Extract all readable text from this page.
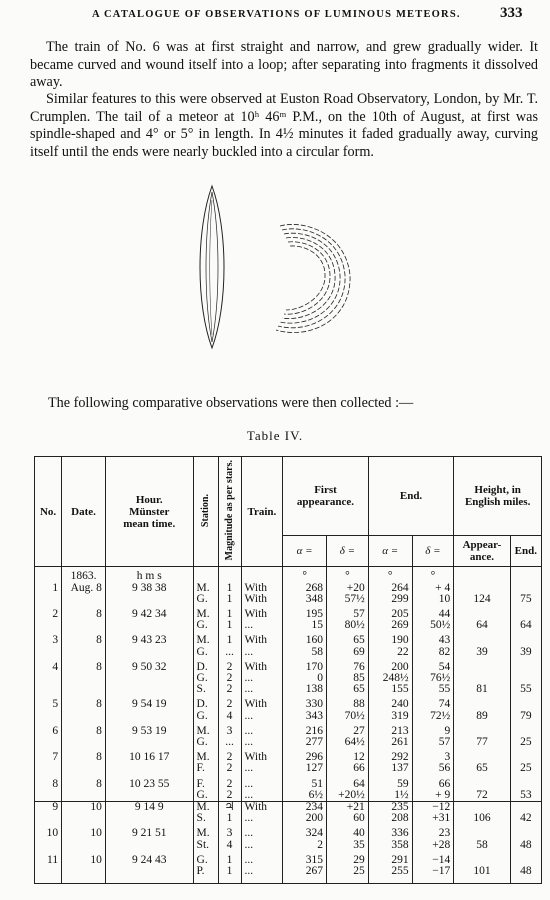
A CATALOGUE OF OBSERVATIONS OF LUMINOUS METEORS.	333

The train of No. 6 was at first straight and narrow, and grew gradually wider. It became curved and wound itself into a loop; after separating into fragments it dissolved away.

Similar features to this were observed at Euston Road Observatory, London, by Mr. T. Crumplen. The tail of a meteor at 10ʰ 46ᵐ P.M., on the 10th of August, at first was spindle-shaped and 4° or 5° in length. In 4½ minutes it faded gradually away, curving itself until the ends were nearly buckled into a circular form.

The following comparative observations were then collected :—
Table IV.
No.	Date.	Hour.
Münster
mean time.	Station.	Magnitude as per stars.	Train.	First appearance.		End.		Height, in English miles.	
						α =	δ =	α =	δ =	Appear-ance.	End.
	1863.	h m s				°	°	°	°		
1	Aug. 8	9 38 38	M.	1	With	268	+20	264	+ 4		
			G.	1	With	348	57½	299	10	124	75
2	8	9 42 34	M.	1	With	195	57	205	44		
			G.	1	...	15	80½	269	50½	64	64
3	8	9 43 23	M.	1	With	160	65	190	43		
			G.	...	...	58	69	22	82	39	39
4	8	9 50 32	D.	2	With	170	76	200	54		
			G.	2	...	0	85	248½	76½		
			S.	2	...	138	65	155	55	81	55
5	8	9 54 19	D.	2	With	330	88	240	74		
			G.	4	...	343	70½	319	72½	89	79
6	8	9 53 19	M.	3	...	216	27	213	9		
			G.	...	...	277	64½	261	57	77	25
7	8	10 16 17	M.	2	With	296	12	292	3		
			F.	2	...	127	66	137	56	65	25
8	8	10 23 55	F.	2	...	51	64	59	66		
			G.	2	...	6½	+20½	1½	+ 9	72	53
9	10	9 14 9	M.	♃	With	234	+21	235	−12		
			S.	1	...	200	60	208	+31	106	42
10	10	9 21 51	M.	3	...	324	40	336	23		
			St.	4	...	2	35	358	+28	58	48
11	10	9 24 43	G.	1	...	315	29	291	−14		
			P.	1	...	267	25	255	−17	101	48
